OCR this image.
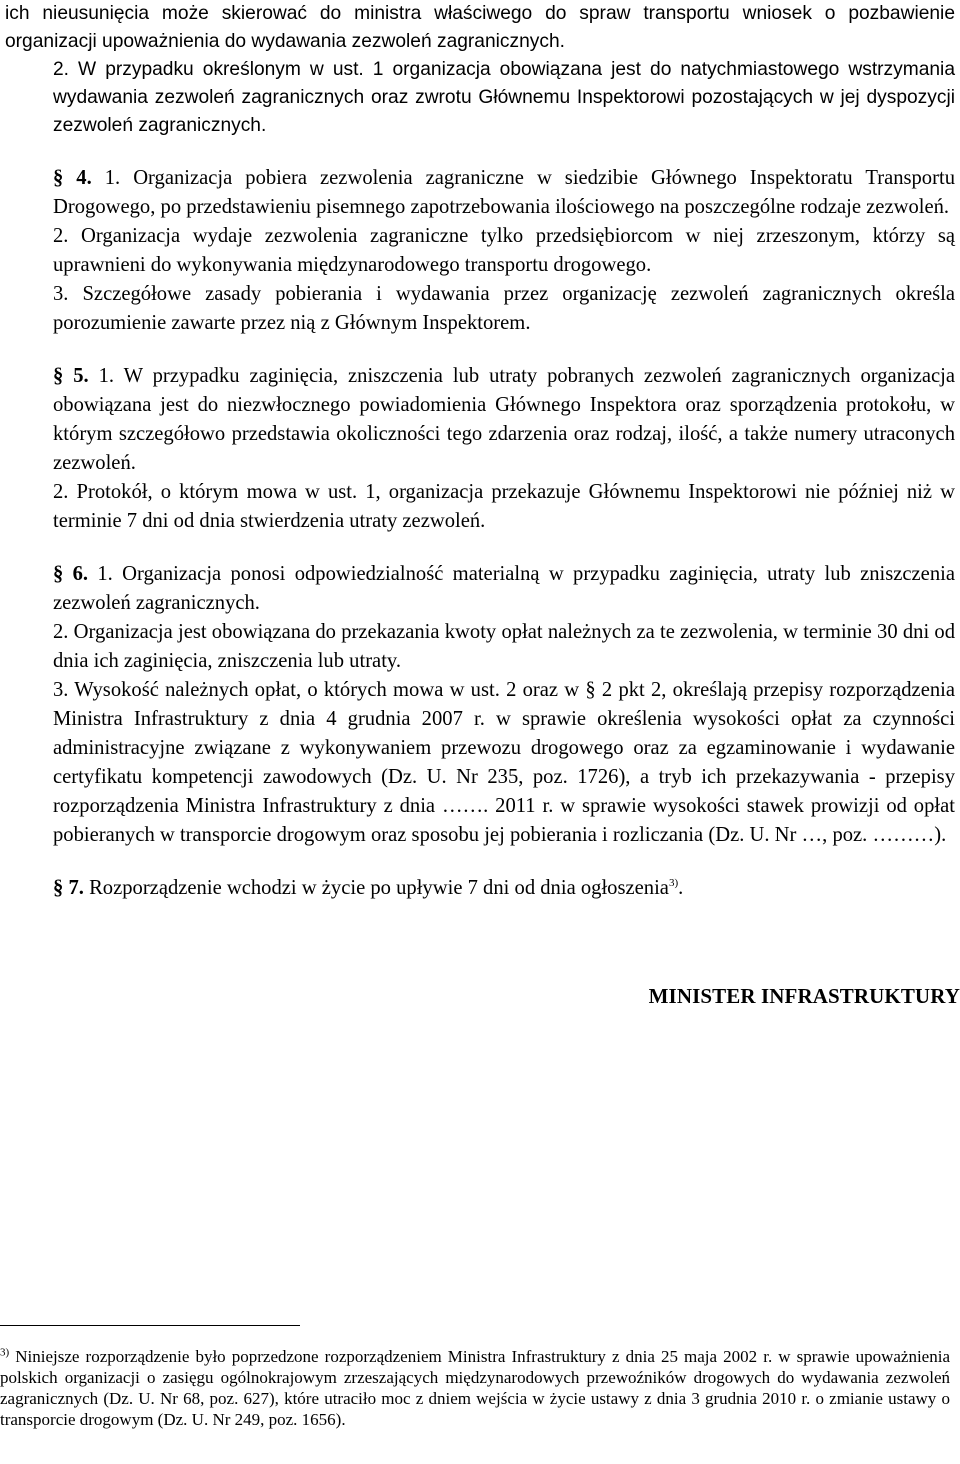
ich nieusunięcia może skierować do ministra właściwego do spraw transportu wniosek o pozbawienie organizacji upoważnienia do wydawania zezwoleń zagranicznych.

2. W przypadku określonym w ust. 1 organizacja obowiązana jest do natychmiastowego wstrzymania wydawania zezwoleń zagranicznych oraz zwrotu Głównemu Inspektorowi pozostających w jej dyspozycji zezwoleń zagranicznych.

§ 4. 1. Organizacja pobiera zezwolenia zagraniczne w siedzibie Głównego Inspektoratu Transportu Drogowego, po przedstawieniu pisemnego zapotrzebowania ilościowego na poszczególne rodzaje zezwoleń.

2. Organizacja wydaje zezwolenia zagraniczne tylko przedsiębiorcom w niej zrzeszonym, którzy są uprawnieni do wykonywania międzynarodowego transportu drogowego.

3. Szczegółowe zasady pobierania i wydawania przez organizację zezwoleń zagranicznych określa porozumienie zawarte przez nią z Głównym Inspektorem.

§ 5. 1. W przypadku zaginięcia, zniszczenia lub utraty pobranych zezwoleń zagranicznych organizacja obowiązana jest do niezwłocznego powiadomienia Głównego Inspektora oraz sporządzenia protokołu, w którym szczegółowo przedstawia okoliczności tego zdarzenia oraz rodzaj, ilość, a także numery utraconych zezwoleń.

2. Protokół, o którym mowa w ust. 1, organizacja przekazuje Głównemu Inspektorowi nie później niż w terminie 7 dni od dnia stwierdzenia utraty zezwoleń.

§ 6. 1. Organizacja ponosi odpowiedzialność materialną w przypadku zaginięcia, utraty lub zniszczenia zezwoleń zagranicznych.

2. Organizacja jest obowiązana do przekazania kwoty opłat należnych za te zezwolenia, w terminie 30 dni od dnia ich zaginięcia, zniszczenia lub utraty.

3. Wysokość należnych opłat, o których mowa w ust. 2 oraz w § 2 pkt 2, określają przepisy rozporządzenia Ministra Infrastruktury z dnia 4 grudnia 2007 r. w sprawie określenia wysokości opłat za czynności administracyjne związane z wykonywaniem przewozu drogowego oraz za egzaminowanie i wydawanie certyfikatu kompetencji zawodowych (Dz. U. Nr 235, poz. 1726), a tryb ich przekazywania - przepisy rozporządzenia Ministra Infrastruktury z dnia ……. 2011 r. w sprawie wysokości stawek prowizji od opłat pobieranych w transporcie drogowym oraz sposobu jej pobierania i rozliczania (Dz. U. Nr …, poz. ………).

§ 7. Rozporządzenie wchodzi w życie po upływie 7 dni od dnia ogłoszenia$^{3)}$.

MINISTER INFRASTRUKTURY

$^{3)}$ Niniejsze rozporządzenie było poprzedzone rozporządzeniem Ministra Infrastruktury z dnia 25 maja 2002 r. w sprawie upoważnienia polskich organizacji o zasięgu ogólnokrajowym zrzeszających międzynarodowych przewoźników drogowych do wydawania zezwoleń zagranicznych (Dz. U. Nr 68, poz. 627), które utraciło moc z dniem wejścia w życie ustawy z dnia 3 grudnia 2010 r. o zmianie ustawy o transporcie drogowym (Dz. U. Nr 249, poz. 1656).
